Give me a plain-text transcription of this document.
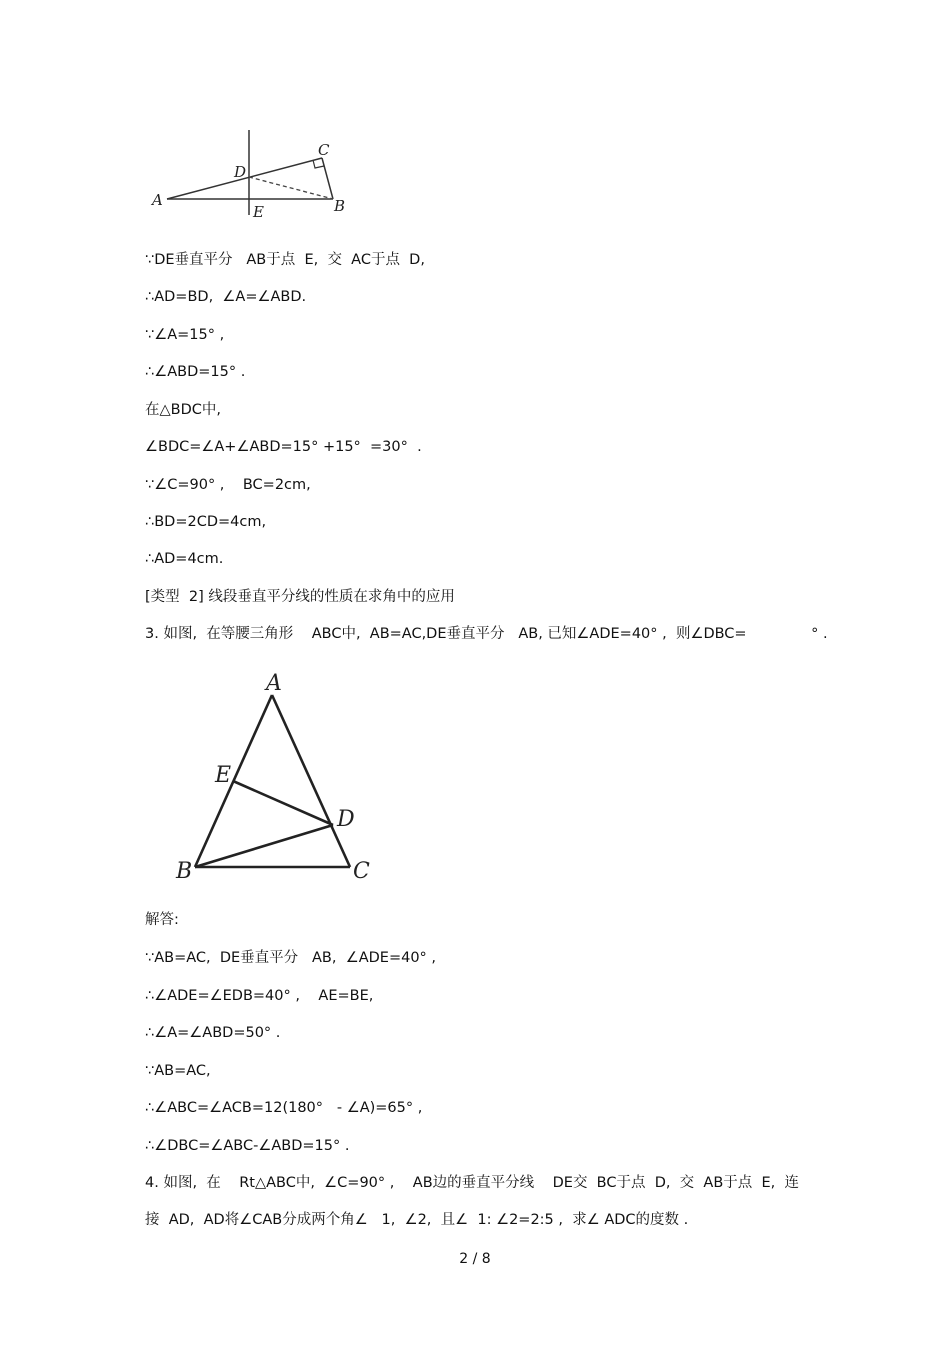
A	B
C
D
E
∵DE垂直平分   AB于点  E,  交  AC于点  D,
∴AD=BD,  ∠A=∠ABD.
∵∠A=15° ,
∴∠ABD=15° .
在△BDC中,
∠BDC=∠A+∠ABD=15° +15°  =30°  .
∵∠C=90° ,    BC=2cm,
∴BD=2CD=4cm,
∴AD=4cm.
[类型  2] 线段垂直平分线的性质在求角中的应用
3. 如图,  在等腰三角形    ABC中,  AB=AC,DE垂直平分   AB, 已知∠ADE=40° ,  则∠DBC=              ° .
A
B	C
D
E
解答:
∵AB=AC,  DE垂直平分   AB,  ∠ADE=40° ,
∴∠ADE=∠EDB=40° ,    AE=BE,
∴∠A=∠ABD=50° .
∵AB=AC,
∴∠ABC=∠ACB=12(180°   - ∠A)=65° ,
∴∠DBC=∠ABC-∠ABD=15° .
4. 如图,  在    Rt△ABC中,  ∠C=90° ,    AB边的垂直平分线    DE交  BC于点  D,  交  AB于点  E,  连
接  AD,  AD将∠CAB分成两个角∠   1,  ∠2,  且∠  1: ∠2=2:5 ,  求∠ ADC的度数 .
2 / 8
